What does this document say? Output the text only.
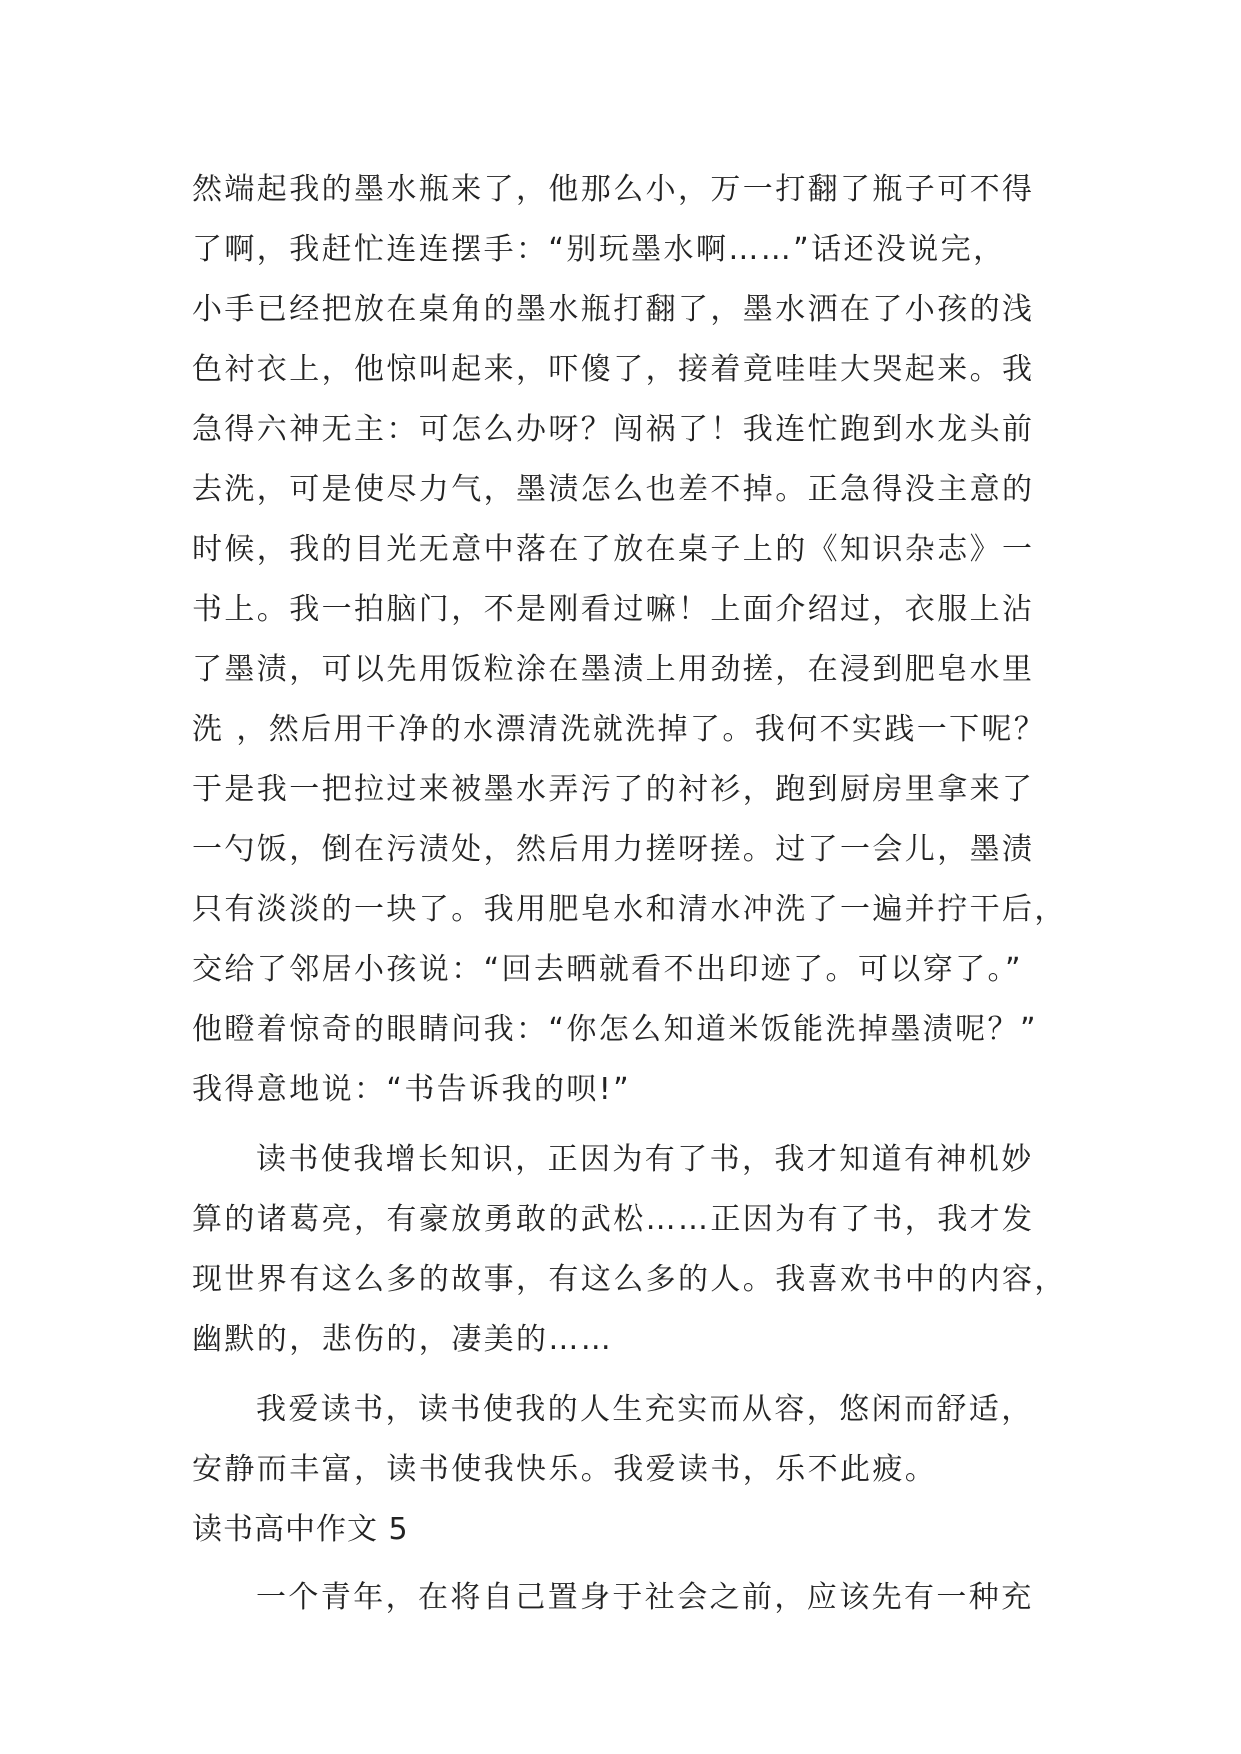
然端起我的墨水瓶来了，他那么小，万一打翻了瓶子可不得
了啊，我赶忙连连摆手：“别玩墨水啊……”话还没说完，
小手已经把放在桌角的墨水瓶打翻了，墨水洒在了小孩的浅
色衬衣上，他惊叫起来，吓傻了，接着竟哇哇大哭起来。我
急得六神无主：可怎么办呀？闯祸了！我连忙跑到水龙头前
去洗，可是使尽力气，墨渍怎么也差不掉。正急得没主意的
时候，我的目光无意中落在了放在桌子上的《知识杂志》一
书上。我一拍脑门，不是刚看过嘛！上面介绍过，衣服上沾
了墨渍，可以先用饭粒涂在墨渍上用劲搓，在浸到肥皂水里
洗 ，然后用干净的水漂清洗就洗掉了。我何不实践一下呢？
于是我一把拉过来被墨水弄污了的衬衫，跑到厨房里拿来了
一勺饭，倒在污渍处，然后用力搓呀搓。过了一会儿，墨渍
只有淡淡的一块了。我用肥皂水和清水冲洗了一遍并拧干后，
交给了邻居小孩说：“回去晒就看不出印迹了。可以穿了。”
他瞪着惊奇的眼睛问我：“你怎么知道米饭能洗掉墨渍呢？”
我得意地说：“书告诉我的呗!”
读书使我增长知识，正因为有了书，我才知道有神机妙
算的诸葛亮，有豪放勇敢的武松……正因为有了书，我才发
现世界有这么多的故事，有这么多的人。我喜欢书中的内容，
幽默的，悲伤的，凄美的……
我爱读书，读书使我的人生充实而从容，悠闲而舒适，
安静而丰富，读书使我快乐。我爱读书，乐不此疲。
读书高中作文 5
一个青年，在将自己置身于社会之前，应该先有一种充
